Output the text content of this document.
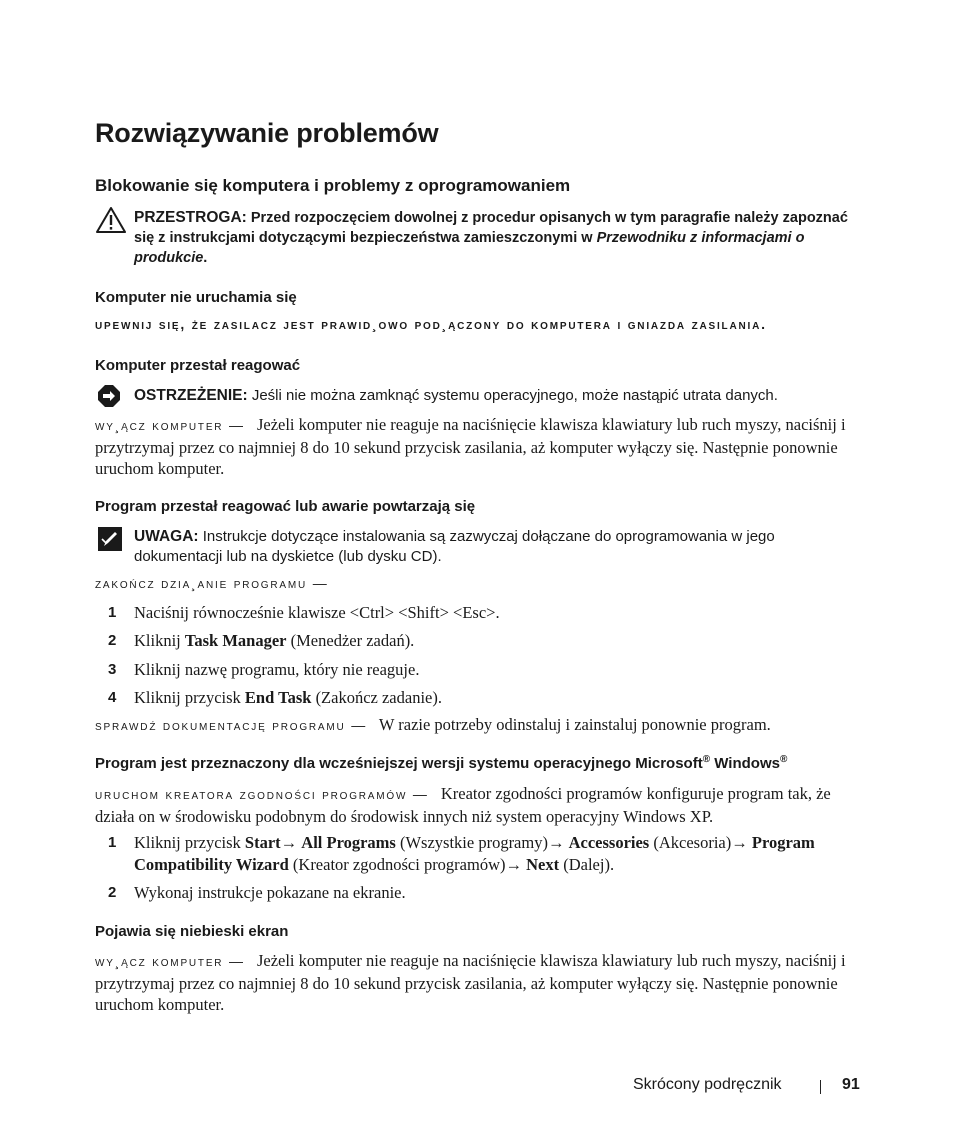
Rozwiązywanie problemów
Blokowanie się komputera i problemy z oprogramowaniem
PRZESTROGA: Przed rozpoczęciem dowolnej z procedur opisanych w tym paragrafie należy zapoznać się z instrukcjami dotyczącymi bezpieczeństwa zamieszczonymi w Przewodniku z informacjami o produkcie.
Komputer nie uruchamia się
upewnij się, że zasilacz jest prawid¸owo pod¸ączony do komputera i gniazda zasilania.
Komputer przestał reagować
OSTRZEŻENIE: Jeśli nie można zamknąć systemu operacyjnego, może nastąpić utrata danych.
wy¸ącz komputer — Jeżeli komputer nie reaguje na naciśnięcie klawisza klawiatury lub ruch myszy, naciśnij i przytrzymaj przez co najmniej 8 do 10 sekund przycisk zasilania, aż komputer wyłączy się. Następnie ponownie uruchom komputer.
Program przestał reagować lub awarie powtarzają się
UWAGA: Instrukcje dotyczące instalowania są zazwyczaj dołączane do oprogramowania w jego dokumentacji lub na dyskietce (lub dysku CD).
zakończ dzia¸anie programu —
1 Naciśnij równocześnie klawisze <Ctrl> <Shift> <Esc>.
2 Kliknij Task Manager (Menedżer zadań).
3 Kliknij nazwę programu, który nie reaguje.
4 Kliknij przycisk End Task (Zakończ zadanie).
sprawdź dokumentację programu — W razie potrzeby odinstaluj i zainstaluj ponownie program.
Program jest przeznaczony dla wcześniejszej wersji systemu operacyjnego Microsoft® Windows®
uruchom kreatora zgodności programów — Kreator zgodności programów konfiguruje program tak, że działa on w środowisku podobnym do środowisk innych niż system operacyjny Windows XP.
1 Kliknij przycisk Start→ All Programs (Wszystkie programy)→ Accessories (Akcesoria)→ Program Compatibility Wizard (Kreator zgodności programów)→ Next (Dalej).
2 Wykonaj instrukcje pokazane na ekranie.
Pojawia się niebieski ekran
wy¸ącz komputer — Jeżeli komputer nie reaguje na naciśnięcie klawisza klawiatury lub ruch myszy, naciśnij i przytrzymaj przez co najmniej 8 do 10 sekund przycisk zasilania, aż komputer wyłączy się. Następnie ponownie uruchom komputer.
Skrócony podręcznik	91
